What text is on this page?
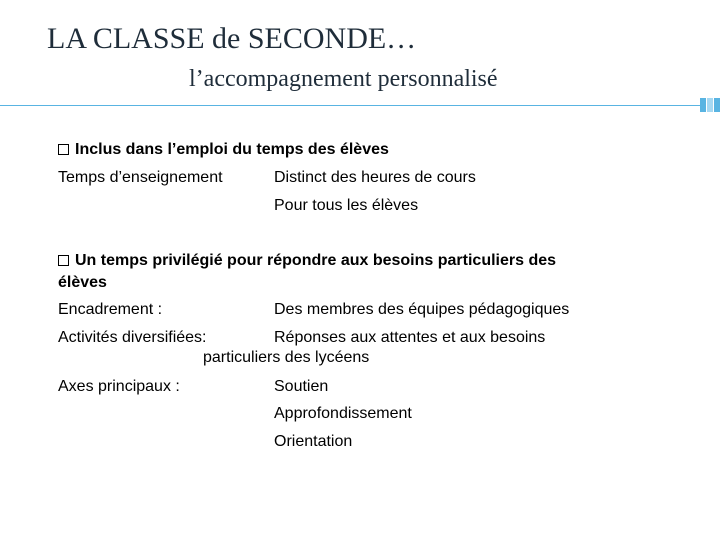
LA CLASSE de SECONDE…
l’accompagnement personnalisé
Inclus dans l’emploi du temps des élèves
Temps d’enseignement	Distinct des heures de cours
Pour tous les élèves
Un temps privilégié pour répondre aux besoins particuliers des
élèves
Encadrement :	Des membres des équipes pédagogiques
Activités diversifiées:	Réponses aux attentes et aux besoins
particuliers des lycéens
Axes principaux :	Soutien
Approfondissement
Orientation
